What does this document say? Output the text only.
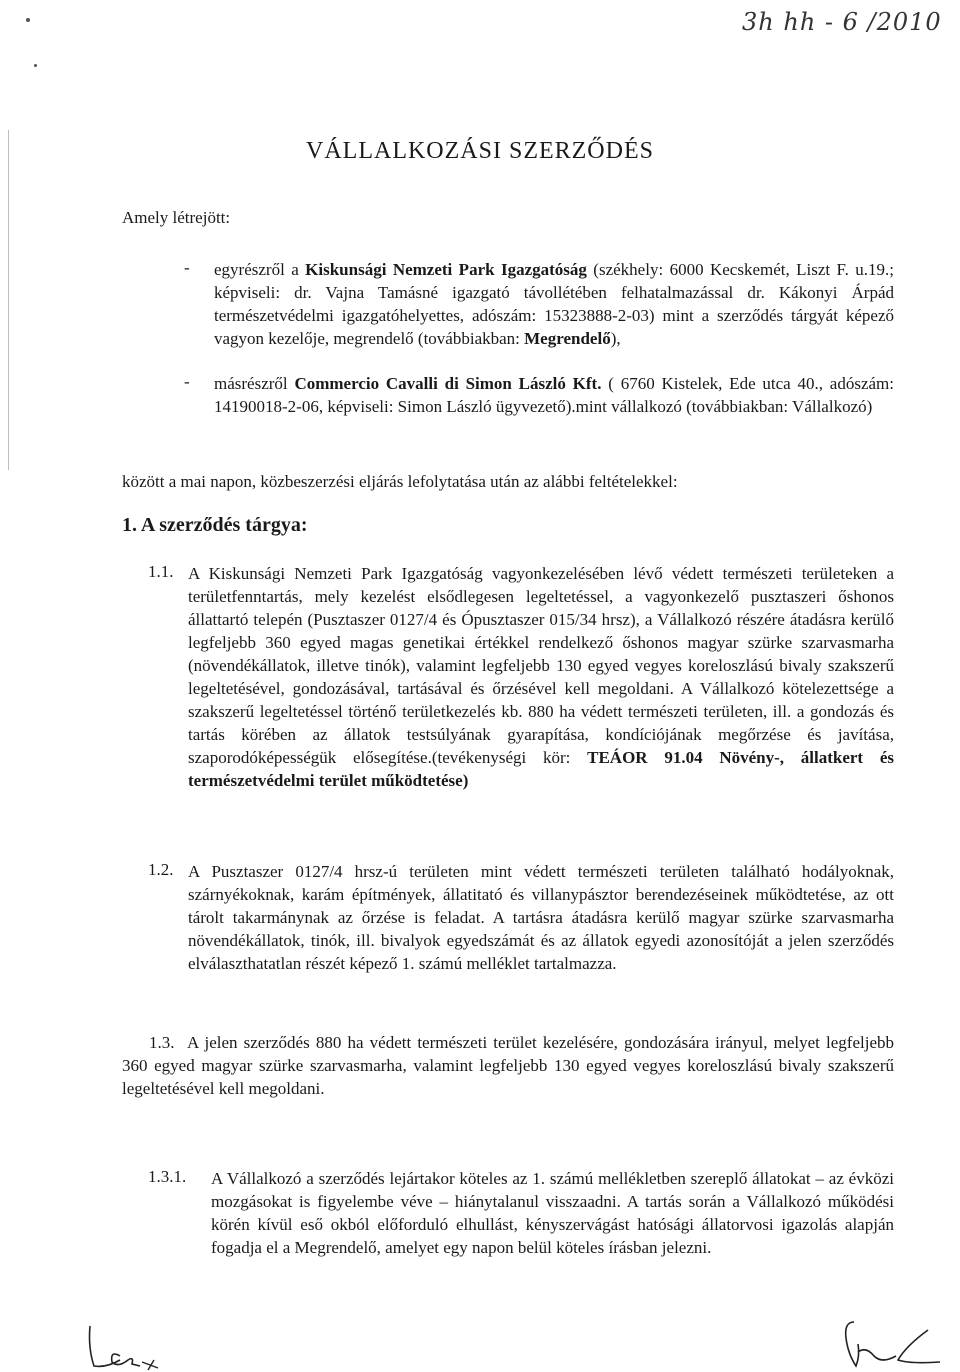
3h hh - 6 /2010
VÁLLALKOZÁSI SZERZŐDÉS
Amely létrejött:
- egyrészről a Kiskunsági Nemzeti Park Igazgatóság (székhely: 6000 Kecskemét, Liszt F. u.19.; képviseli: dr. Vajna Tamásné igazgató távollétében felhatalmazással dr. Kákonyi Árpád természetvédelmi igazgatóhelyettes, adószám: 15323888-2-03) mint a szerződés tárgyát képező vagyon kezelője, megrendelő (továbbiakban: Megrendelő),
- másrészről Commercio Cavalli di Simon László Kft. ( 6760 Kistelek, Ede utca 40., adószám: 14190018-2-06, képviseli: Simon László ügyvezető).mint vállalkozó (továbbiakban: Vállalkozó)
között a mai napon, közbeszerzési eljárás lefolytatása után az alábbi feltételekkel:
1. A szerződés tárgya:
1.1. A Kiskunsági Nemzeti Park Igazgatóság vagyonkezelésében lévő védett természeti területeken a területfenntartás, mely kezelést elsődlegesen legeltetéssel, a vagyonkezelő pusztaszeri őshonos állattartó telepén (Pusztaszer 0127/4 és Ópusztaszer 015/34 hrsz), a Vállalkozó részére átadásra kerülő legfeljebb 360 egyed magas genetikai értékkel rendelkező őshonos magyar szürke szarvasmarha (növendékállatok, illetve tinók), valamint legfeljebb 130 egyed vegyes koreloszlású bivaly szakszerű legeltetésével, gondozásával, tartásával és őrzésével kell megoldani. A Vállalkozó kötelezettsége a szakszerű legeltetéssel történő területkezelés kb. 880 ha védett természeti területen, ill. a gondozás és tartás körében az állatok testsúlyának gyarapítása, kondíciójának megőrzése és javítása, szaporodóképességük elősegítése.(tevékenységi kör: TEÁOR 91.04 Növény-, állatkert és természetvédelmi terület működtetése)
1.2. A Pusztaszer 0127/4 hrsz-ú területen mint védett természeti területen található hodályoknak, szárnyékoknak, karám építmények, állatitató és villanypásztor berendezéseinek működtetése, az ott tárolt takarmánynak az őrzése is feladat. A tartásra átadásra kerülő magyar szürke szarvasmarha növendékállatok, tinók, ill. bivalyok egyedszámát és az állatok egyedi azonosítóját a jelen szerződés elválaszthatatlan részét képező 1. számú melléklet tartalmazza.
1.3. A jelen szerződés 880 ha védett természeti terület kezelésére, gondozására irányul, melyet legfeljebb 360 egyed magyar szürke szarvasmarha, valamint legfeljebb 130 egyed vegyes koreloszlású bivaly szakszerű legeltetésével kell megoldani.
1.3.1. A Vállalkozó a szerződés lejártakor köteles az 1. számú mellékletben szereplő állatokat – az évközi mozgásokat is figyelembe véve – hiánytalanul visszaadni. A tartás során a Vállalkozó működési körén kívül eső okból előforduló elhullást, kényszervágást hatósági állatorvosi igazolás alapján fogadja el a Megrendelő, amelyet egy napon belül köteles írásban jelezni.
